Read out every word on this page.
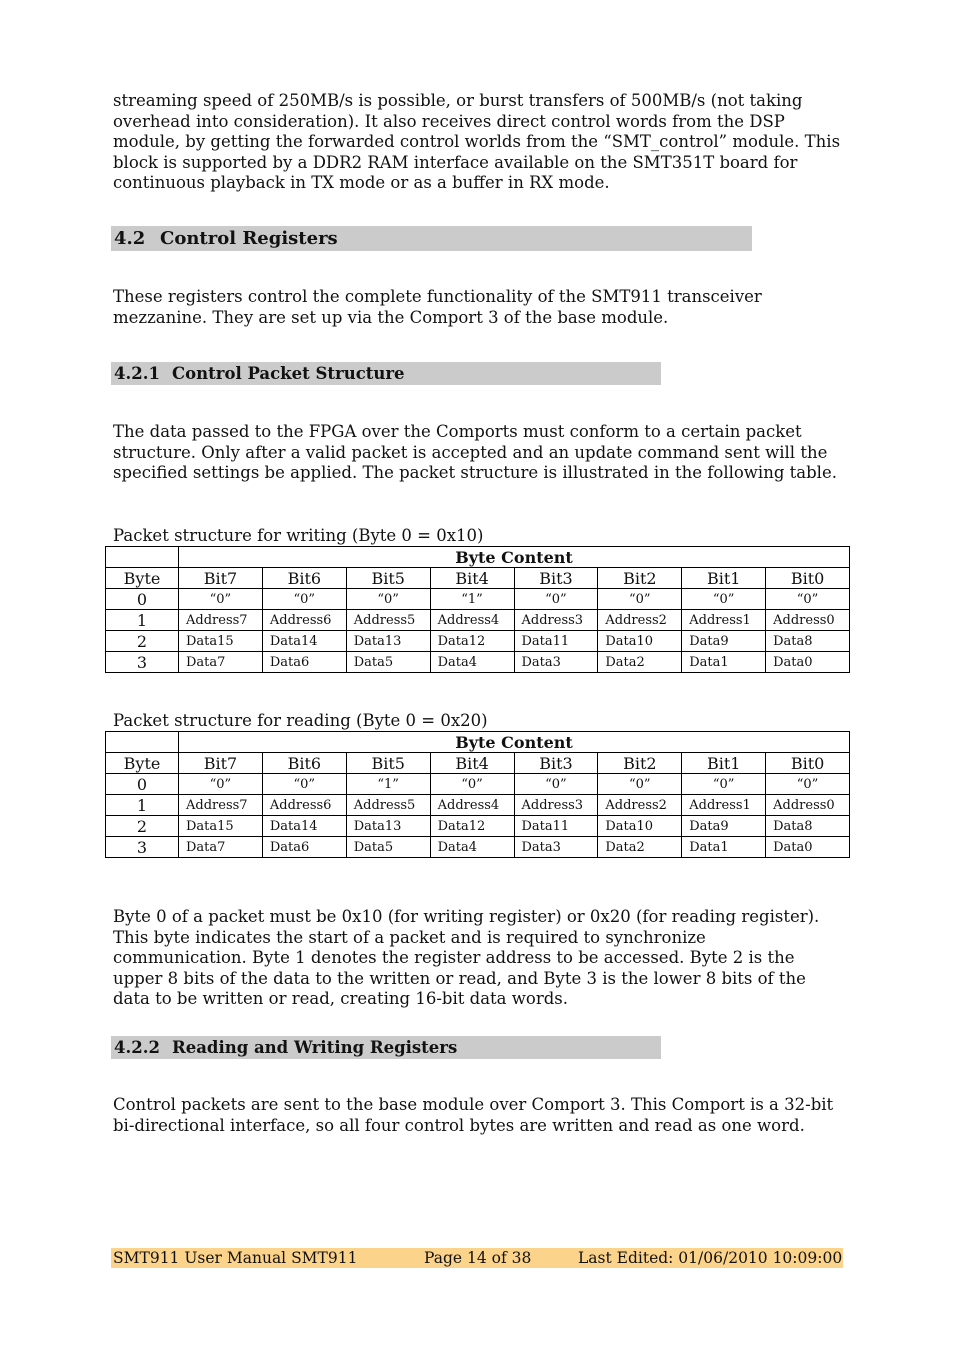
streaming speed of 250MB/s is possible, or burst transfers of 500MB/s (not taking overhead into consideration). It also receives direct control words from the DSP module, by getting the forwarded control worlds from the “SMT_control” module. This block is supported by a DDR2 RAM interface available on the SMT351T board for continuous playback in TX mode or as a buffer in RX mode.

4.2 Control Registers

These registers control the complete functionality of the SMT911 transceiver mezzanine. They are set up via the Comport 3 of the base module.

4.2.1 Control Packet Structure

The data passed to the FPGA over the Comports must conform to a certain packet structure. Only after a valid packet is accepted and an update command sent will the specified settings be applied. The packet structure is illustrated in the following table.

Packet structure for writing (Byte 0 = 0x10)
	Byte Content							
Byte	Bit7	Bit6	Bit5	Bit4	Bit3	Bit2	Bit1	Bit0
0	“0”	“0”	“0”	“1”	“0”	“0”	“0”	“0”
1	Address7	Address6	Address5	Address4	Address3	Address2	Address1	Address0
2	Data15	Data14	Data13	Data12	Data11	Data10	Data9	Data8
3	Data7	Data6	Data5	Data4	Data3	Data2	Data1	Data0
Packet structure for reading (Byte 0 = 0x20)
	Byte Content							
Byte	Bit7	Bit6	Bit5	Bit4	Bit3	Bit2	Bit1	Bit0
0	“0”	“0”	“1”	“0”	“0”	“0”	“0”	“0”
1	Address7	Address6	Address5	Address4	Address3	Address2	Address1	Address0
2	Data15	Data14	Data13	Data12	Data11	Data10	Data9	Data8
3	Data7	Data6	Data5	Data4	Data3	Data2	Data1	Data0

Byte 0 of a packet must be 0x10 (for writing register) or 0x20 (for reading register). This byte indicates the start of a packet and is required to synchronize communication. Byte 1 denotes the register address to be accessed. Byte 2 is the upper 8 bits of the data to the written or read, and Byte 3 is the lower 8 bits of the data to be written or read, creating 16-bit data words.

4.2.2 Reading and Writing Registers

Control packets are sent to the base module over Comport 3. This Comport is a 32-bit bi-directional interface, so all four control bytes are written and read as one word.

SMT911 User Manual SMT911	Page 14 of 38	Last Edited: 01/06/2010 10:09:00
